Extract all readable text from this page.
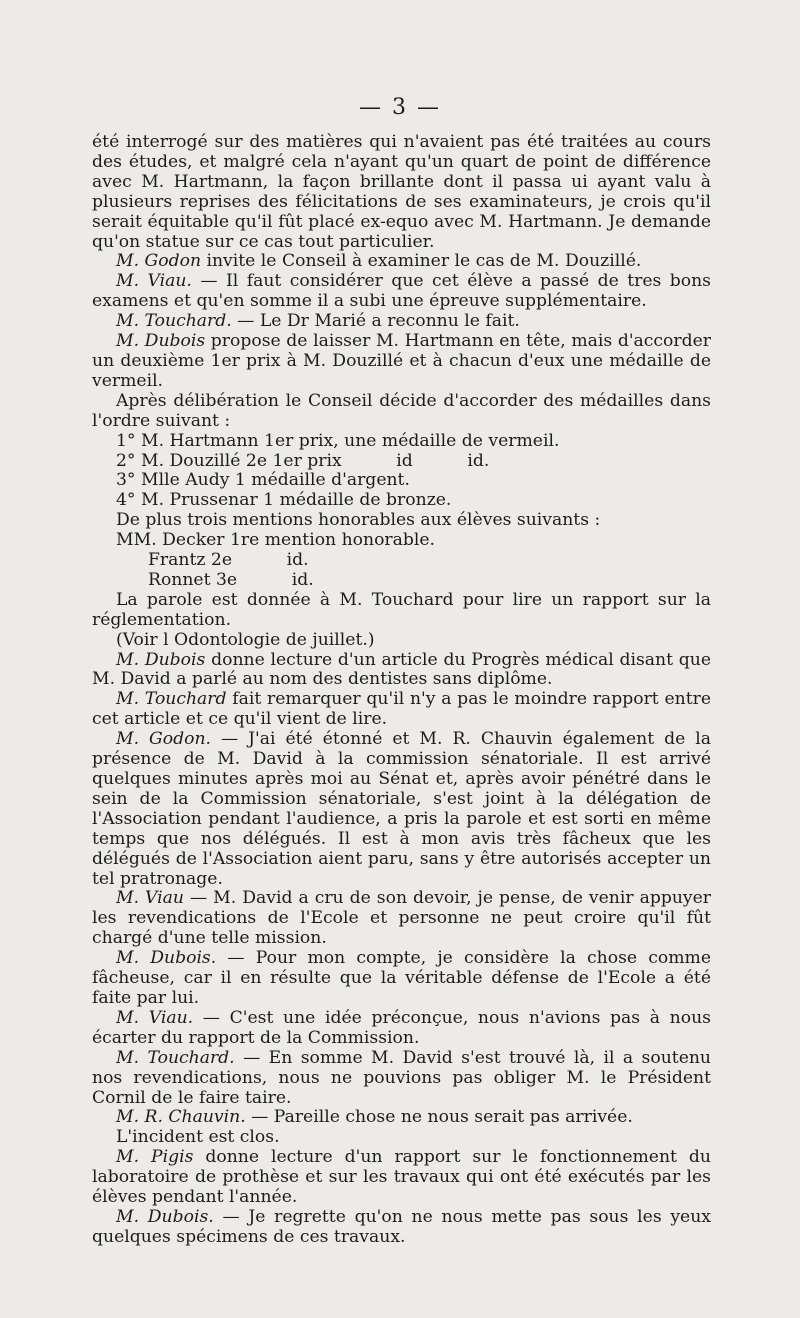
— 3 —

été interrogé sur des matières qui n'avaient pas été traitées au cours des études, et malgré cela n'ayant qu'un quart de point de différence avec M. Hartmann, la façon brillante dont il passa ui ayant valu à plusieurs reprises des félicitations de ses examinateurs, je crois qu'il serait équitable qu'il fût placé ex-equo avec M. Hartmann. Je demande qu'on statue sur ce cas tout particulier.

M. Godon invite le Conseil à examiner le cas de M. Douzillé.

M. Viau. — Il faut considérer que cet élève a passé de tres bons examens et qu'en somme il a subi une épreuve supplémentaire.

M. Touchard. — Le Dr Marié a reconnu le fait.

M. Dubois propose de laisser M. Hartmann en tête, mais d'accorder un deuxième 1er prix à M. Douzillé et à chacun d'eux une médaille de vermeil.

Après délibération le Conseil décide d'accorder des médailles dans l'ordre suivant :

1° M. Hartmann 1er prix, une médaille de vermeil.

2° M. Douzillé 2e 1er prix          id          id.

3° Mlle Audy 1 médaille d'argent.

4° M. Prussenar 1 médaille de bronze.

De plus trois mentions honorables aux élèves suivants :

MM. Decker 1re mention honorable.

Frantz 2e          id.

Ronnet 3e          id.

La parole est donnée à M. Touchard pour lire un rapport sur la réglementation.

(Voir l Odontologie de juillet.)

M. Dubois donne lecture d'un article du Progrès médical disant que M. David a parlé au nom des dentistes sans diplôme.

M. Touchard fait remarquer qu'il n'y a pas le moindre rapport entre cet article et ce qu'il vient de lire.

M. Godon. — J'ai été étonné et M. R. Chauvin également de la présence de M. David à la commission sénatoriale. Il est arrivé quelques minutes après moi au Sénat et, après avoir pénétré dans le sein de la Commission sénatoriale, s'est joint à la délégation de l'Association pendant l'audience, a pris la parole et est sorti en même temps que nos délégués. Il est à mon avis très fâcheux que les délégués de l'Association aient paru, sans y être autorisés accepter un tel pratronage.

M. Viau — M. David a cru de son devoir, je pense, de venir appuyer les revendications de l'Ecole et personne ne peut croire qu'il fût chargé d'une telle mission.

M. Dubois. — Pour mon compte, je considère la chose comme fâcheuse, car il en résulte que la véritable défense de l'Ecole a été faite par lui.

M. Viau. — C'est une idée préconçue, nous n'avions pas à nous écarter du rapport de la Commission.

M. Touchard. — En somme M. David s'est trouvé là, il a soutenu nos revendications, nous ne pouvions pas obliger M. le Président Cornil de le faire taire.

M. R. Chauvin. — Pareille chose ne nous serait pas arrivée.

L'incident est clos.

M. Pigis donne lecture d'un rapport sur le fonctionnement du laboratoire de prothèse et sur les travaux qui ont été exécutés par les élèves pendant l'année.

M. Dubois. — Je regrette qu'on ne nous mette pas sous les yeux quelques spécimens de ces travaux.
